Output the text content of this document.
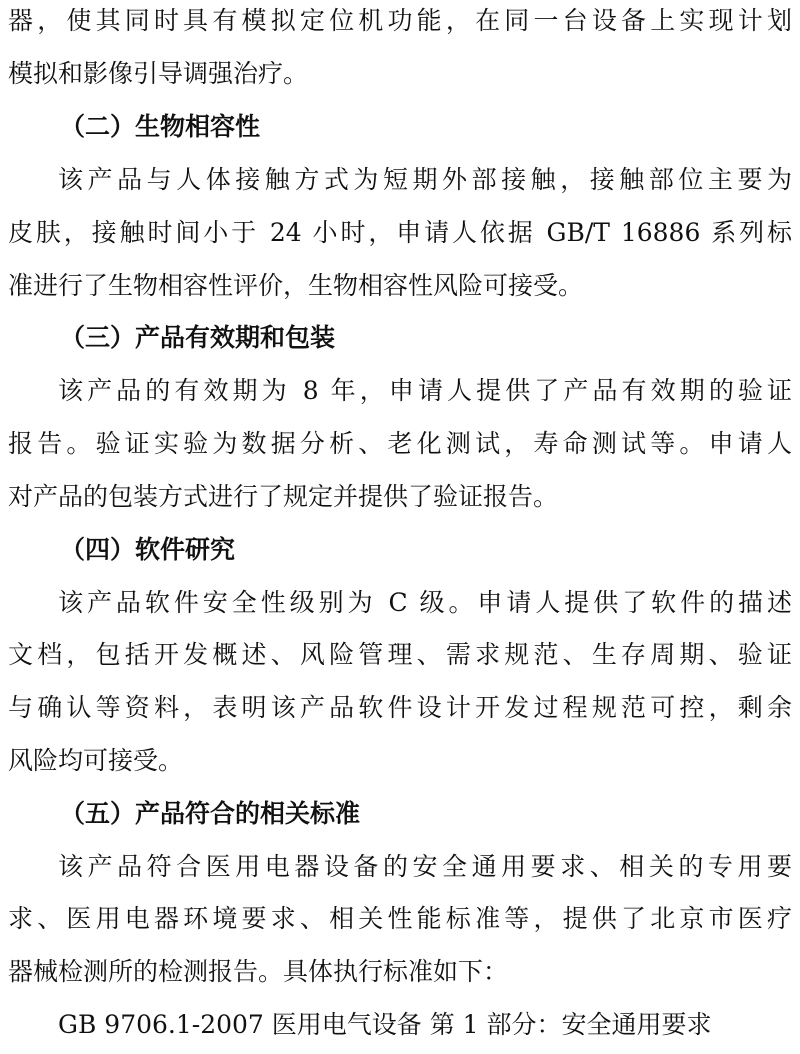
器，使其同时具有模拟定位机功能，在同一台设备上实现计划
模拟和影像引导调强治疗。
（二）生物相容性
该产品与人体接触方式为短期外部接触，接触部位主要为
皮肤，接触时间小于 24 小时，申请人依据 GB/T 16886 系列标
准进行了生物相容性评价，生物相容性风险可接受。
（三）产品有效期和包装
该产品的有效期为 8 年，申请人提供了产品有效期的验证
报告。验证实验为数据分析、老化测试，寿命测试等。申请人
对产品的包装方式进行了规定并提供了验证报告。
（四）软件研究
该产品软件安全性级别为 C 级。申请人提供了软件的描述
文档，包括开发概述、风险管理、需求规范、生存周期、验证
与确认等资料，表明该产品软件设计开发过程规范可控，剩余
风险均可接受。
（五）产品符合的相关标准
该产品符合医用电器设备的安全通用要求、相关的专用要
求、医用电器环境要求、相关性能标准等，提供了北京市医疗
器械检测所的检测报告。具体执行标准如下：
GB 9706.1-2007 医用电气设备 第 1 部分：安全通用要求
